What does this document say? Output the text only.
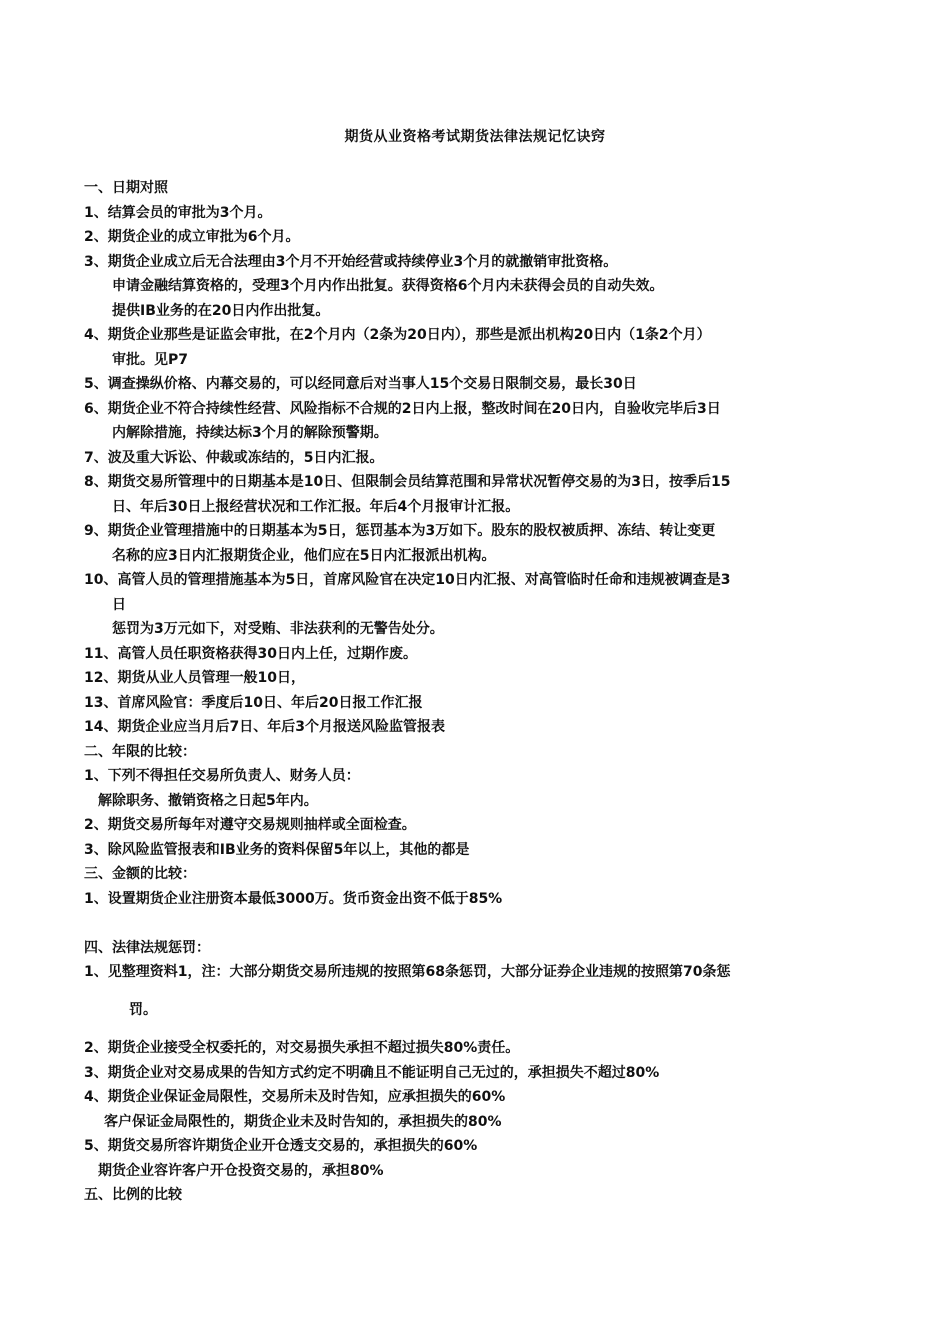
期货从业资格考试期货法律法规记忆诀窍
一、日期对照
1、结算会员的审批为3个月。
2、期货企业的成立审批为6个月。
3、期货企业成立后无合法理由3个月不开始经营或持续停业3个月的就撤销审批资格。
申请金融结算资格的，受理3个月内作出批复。获得资格6个月内未获得会员的自动失效。
提供IB业务的在20日内作出批复。
4、期货企业那些是证监会审批，在2个月内（2条为20日内），那些是派出机构20日内（1条2个月）
审批。见P7
5、调查操纵价格、内幕交易的，可以经同意后对当事人15个交易日限制交易，最长30日
6、期货企业不符合持续性经营、风险指标不合规的2日内上报，整改时间在20日内，自验收完毕后3日
内解除措施，持续达标3个月的解除预警期。
7、波及重大诉讼、仲裁或冻结的，5日内汇报。
8、期货交易所管理中的日期基本是10日、但限制会员结算范围和异常状况暂停交易的为3日，按季后15
日、年后30日上报经营状况和工作汇报。年后4个月报审计汇报。
9、期货企业管理措施中的日期基本为5日，惩罚基本为3万如下。股东的股权被质押、冻结、转让变更
名称的应3日内汇报期货企业，他们应在5日内汇报派出机构。
10、高管人员的管理措施基本为5日，首席风险官在决定10日内汇报、对高管临时任命和违规被调查是3
日
惩罚为3万元如下，对受贿、非法获利的无警告处分。
11、高管人员任职资格获得30日内上任，过期作废。
12、期货从业人员管理一般10日，
13、首席风险官：季度后10日、年后20日报工作汇报
14、期货企业应当月后7日、年后3个月报送风险监管报表
二、年限的比较：
1、下列不得担任交易所负责人、财务人员：
解除职务、撤销资格之日起5年内。
2、期货交易所每年对遵守交易规则抽样或全面检查。
3、除风险监管报表和IB业务的资料保留5年以上，其他的都是
三、金额的比较：
1、设置期货企业注册资本最低3000万。货币资金出资不低于85%
四、法律法规惩罚：
1、见整理资料1，注：大部分期货交易所违规的按照第68条惩罚，大部分证券企业违规的按照第70条惩
罚。
2、期货企业接受全权委托的，对交易损失承担不超过损失80%责任。
3、期货企业对交易成果的告知方式约定不明确且不能证明自己无过的，承担损失不超过80%
4、期货企业保证金局限性，交易所未及时告知，应承担损失的60%
客户保证金局限性的，期货企业未及时告知的，承担损失的80%
5、期货交易所容许期货企业开仓透支交易的，承担损失的60%
期货企业容许客户开仓投资交易的，承担80%
五、比例的比较
